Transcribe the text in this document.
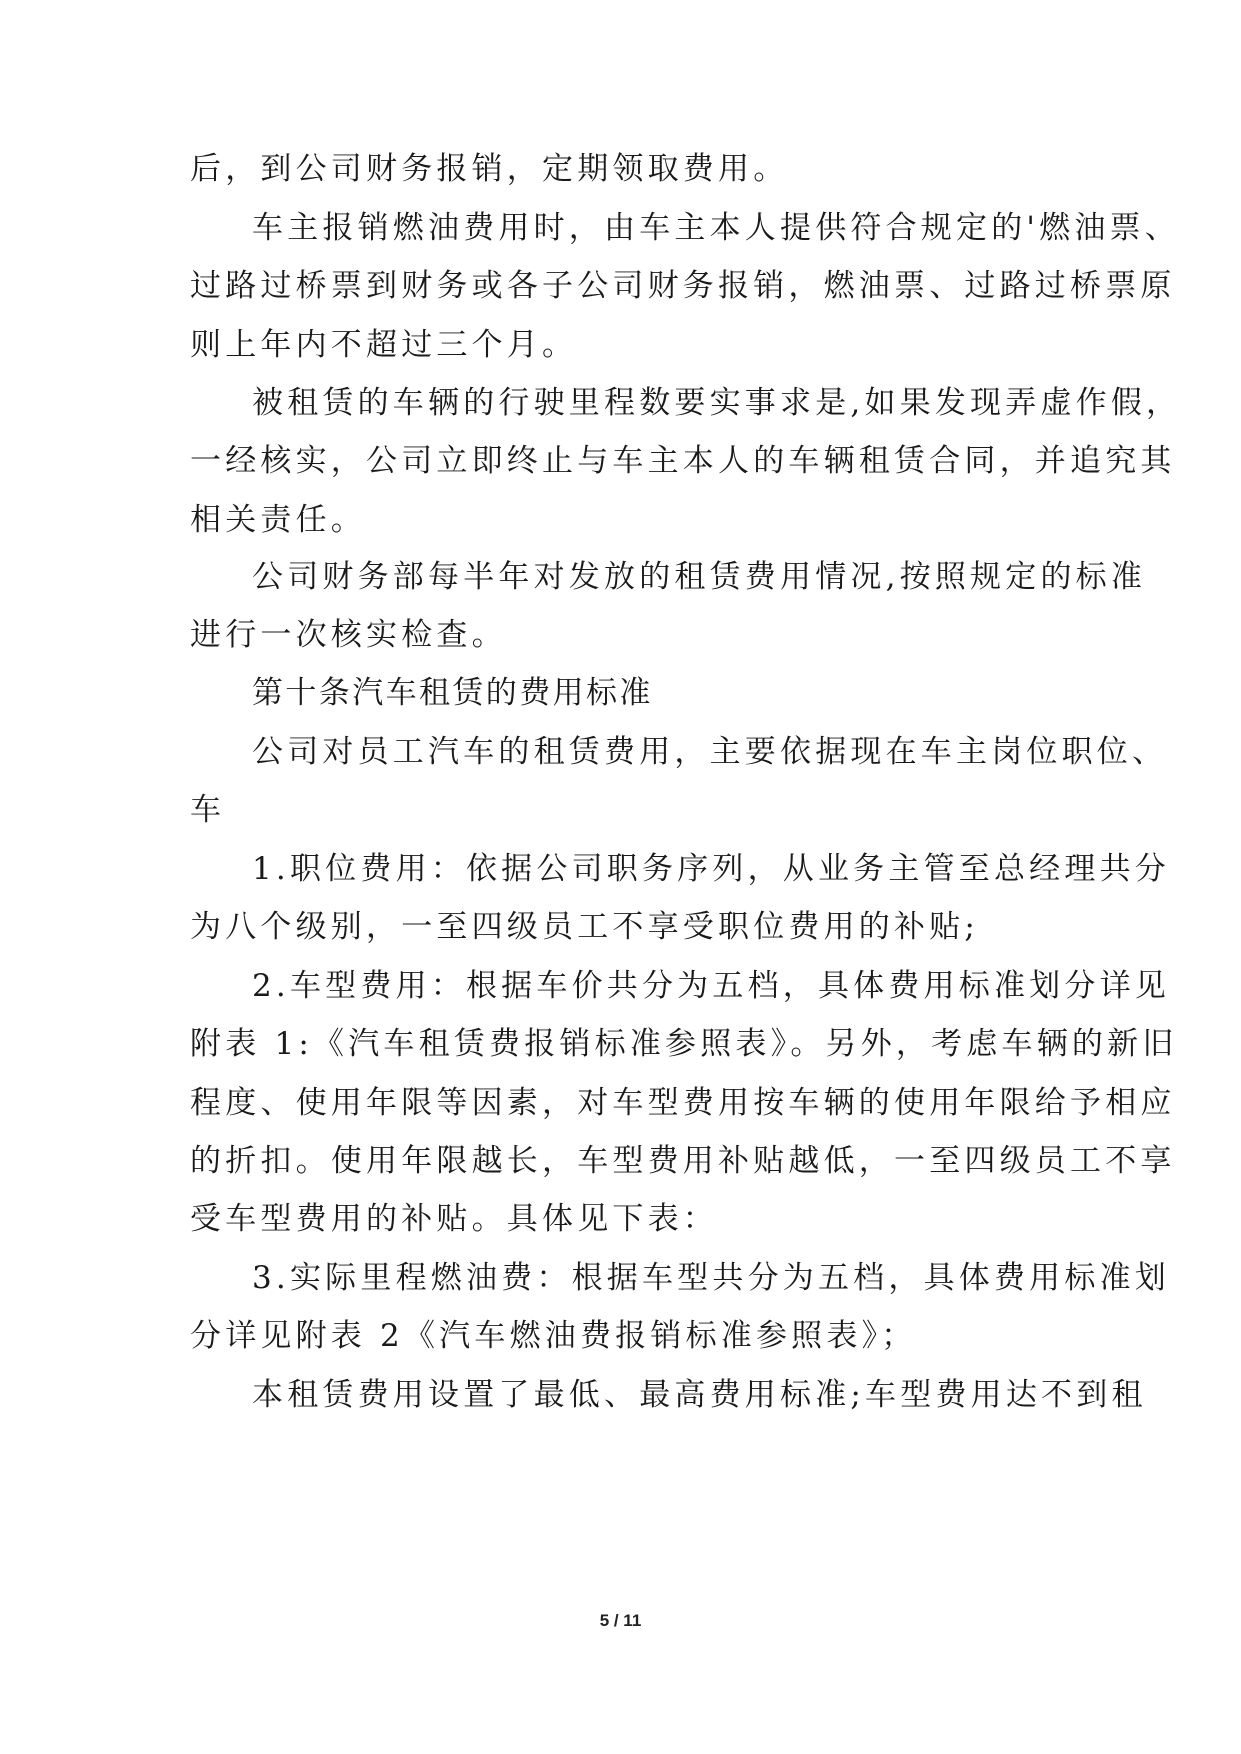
后，到公司财务报销，定期领取费用。
车主报销燃油费用时，由车主本人提供符合规定的'燃油票、
过路过桥票到财务或各子公司财务报销，燃油票、过路过桥票原
则上年内不超过三个月。
被租赁的车辆的行驶里程数要实事求是,如果发现弄虚作假，
一经核实，公司立即终止与车主本人的车辆租赁合同，并追究其
相关责任。
公司财务部每半年对发放的租赁费用情况,按照规定的标准
进行一次核实检查。
第十条汽车租赁的费用标准
公司对员工汽车的租赁费用，主要依据现在车主岗位职位、
车
1.职位费用：依据公司职务序列，从业务主管至总经理共分
为八个级别，一至四级员工不享受职位费用的补贴;
2.车型费用：根据车价共分为五档，具体费用标准划分详见
附表 1:《汽车租赁费报销标准参照表》。另外，考虑车辆的新旧
程度、使用年限等因素，对车型费用按车辆的使用年限给予相应
的折扣。使用年限越长，车型费用补贴越低，一至四级员工不享
受车型费用的补贴。具体见下表：
3.实际里程燃油费：根据车型共分为五档，具体费用标准划
分详见附表 2《汽车燃油费报销标准参照表》；
本租赁费用设置了最低、最高费用标准;车型费用达不到租
5 / 11
